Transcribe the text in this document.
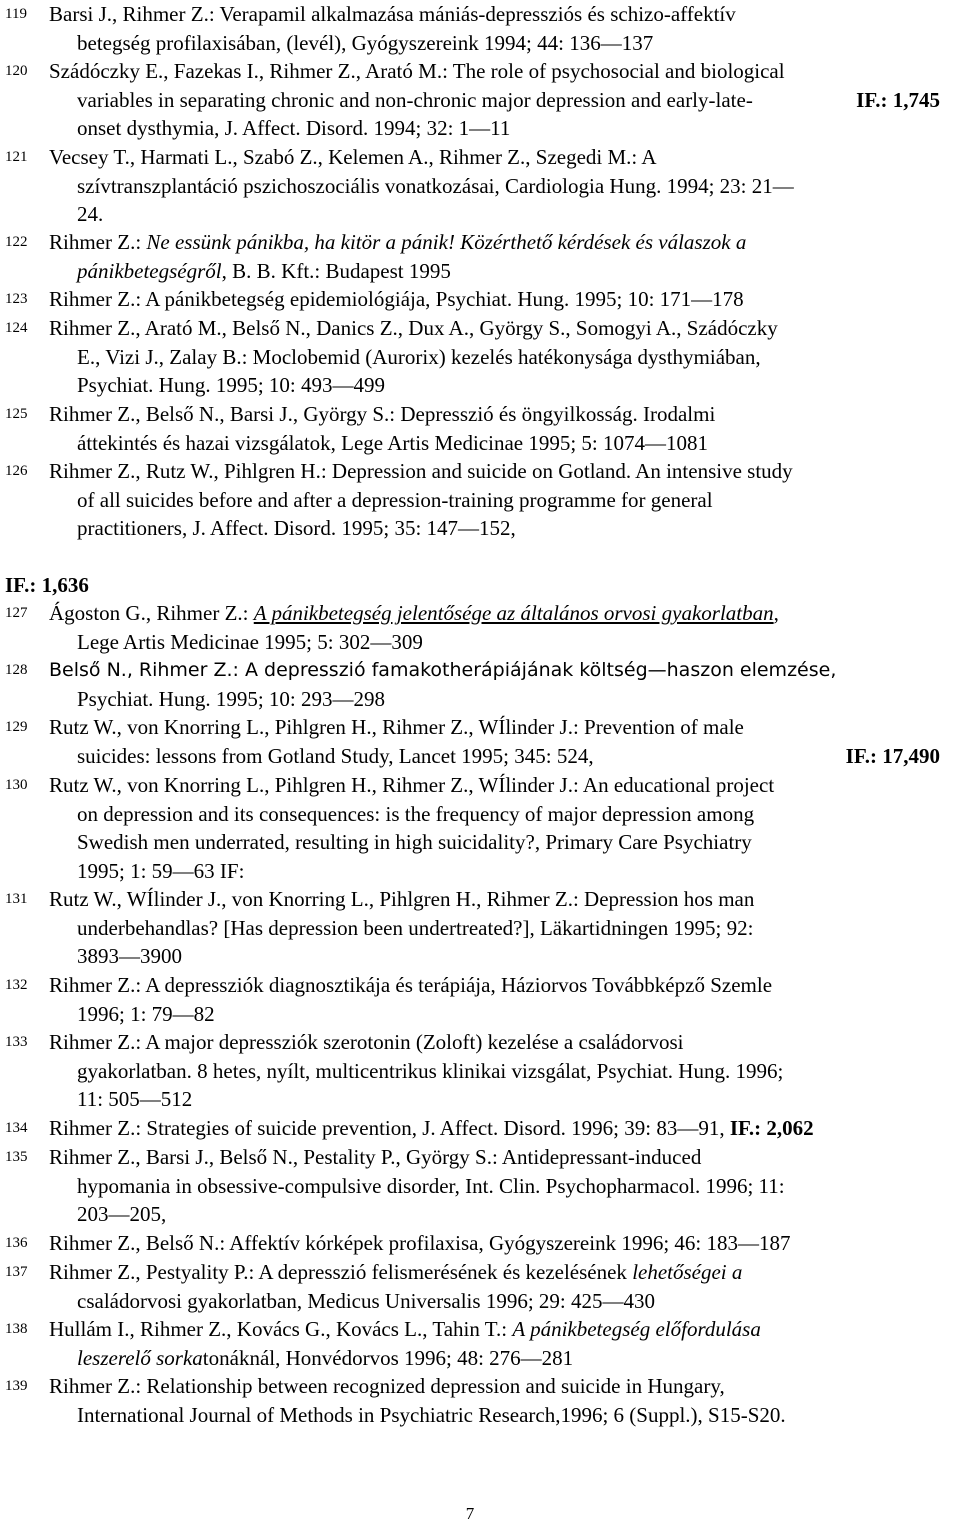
119 Barsi J., Rihmer Z.: Verapamil alkalmazása mániás-depressziós és schizo-affektív
betegség profilaxisában, (levél), Gyógyszereink 1994; 44: 136—137
120 Szádóczky E., Fazekas I., Rihmer Z., Arató M.: The role of psychosocial and biological
IF.: 1,745
variables in separating chronic and non-chronic major depression and early-late-
onset dysthymia, J. Affect. Disord. 1994; 32: 1—11
121 Vecsey T., Harmati L., Szabó Z., Kelemen A., Rihmer Z., Szegedi M.: A
szívtranszplantáció pszichoszociális vonatkozásai, Cardiologia Hung. 1994; 23: 21—
24.
122 Rihmer Z.: Ne essünk pánikba, ha kitör a pánik! Közérthető kérdések és válaszok a
pánikbetegségről, B. B. Kft.: Budapest 1995
123 Rihmer Z.: A pánikbetegség epidemiológiája, Psychiat. Hung. 1995; 10: 171—178
124 Rihmer Z., Arató M., Belső N., Danics Z., Dux A., György S., Somogyi A., Szádóczky
E., Vizi J., Zalay B.: Moclobemid (Aurorix) kezelés hatékonysága dysthymiában,
Psychiat. Hung. 1995; 10: 493—499
125 Rihmer Z., Belső N., Barsi J., György S.: Depresszió és öngyilkosság. Irodalmi
áttekintés és hazai vizsgálatok, Lege Artis Medicinae 1995; 5: 1074—1081
126 Rihmer Z., Rutz W., Pihlgren H.: Depression and suicide on Gotland. An intensive study
of all suicides before and after a depression-training programme for general
practitioners, J. Affect. Disord. 1995; 35: 147—152,
IF.: 1,636
127 Ágoston G., Rihmer Z.: A pánikbetegség jelentősége az általános orvosi gyakorlatban,
Lege Artis Medicinae 1995; 5: 302—309
128 Belső N., Rihmer Z.: A depresszió famakotherápiájának költség—haszon elemzése,
Psychiat. Hung. 1995; 10: 293—298
129 Rutz W., von Knorring L., Pihlgren H., Rihmer Z., WÍlinder J.: Prevention of male
IF.: 17,490
suicides: lessons from Gotland Study, Lancet 1995; 345: 524,
130 Rutz W., von Knorring L., Pihlgren H., Rihmer Z., WÍlinder J.: An educational project
on depression and its consequences: is the frequency of major depression among
Swedish men underrated, resulting in high suicidality?, Primary Care Psychiatry
1995; 1: 59—63 IF:
131 Rutz W., WÍlinder J., von Knorring L., Pihlgren H., Rihmer Z.: Depression hos man
underbehandlas? [Has depression been undertreated?], Läkartidningen 1995; 92:
3893—3900
132 Rihmer Z.: A depressziók diagnosztikája és terápiája, Háziorvos Továbbképző Szemle
1996; 1: 79—82
133 Rihmer Z.: A major depressziók szerotonin (Zoloft) kezelése a családorvosi
gyakorlatban. 8 hetes, nyílt, multicentrikus klinikai vizsgálat, Psychiat. Hung. 1996;
11: 505—512
134 Rihmer Z.: Strategies of suicide prevention, J. Affect. Disord. 1996; 39: 83—91, IF.: 2,062
135 Rihmer Z., Barsi J., Belső N., Pestality P., György S.: Antidepressant-induced
hypomania in obsessive-compulsive disorder, Int. Clin. Psychopharmacol. 1996; 11:
203—205,
136 Rihmer Z., Belső N.: Affektív kórképek profilaxisa, Gyógyszereink 1996; 46: 183—187
137 Rihmer Z., Pestyality P.: A depresszió felismerésének és kezelésének lehetőségei a
családorvosi gyakorlatban, Medicus Universalis 1996; 29: 425—430
138 Hullám I., Rihmer Z., Kovács G., Kovács L., Tahin T.: A pánikbetegség előfordulása
leszerelő sorkatonáknál, Honvédorvos 1996; 48: 276—281
139 Rihmer Z.: Relationship between recognized depression and suicide in Hungary,
International Journal of Methods in Psychiatric Research,1996; 6 (Suppl.), S15-S20.
7
